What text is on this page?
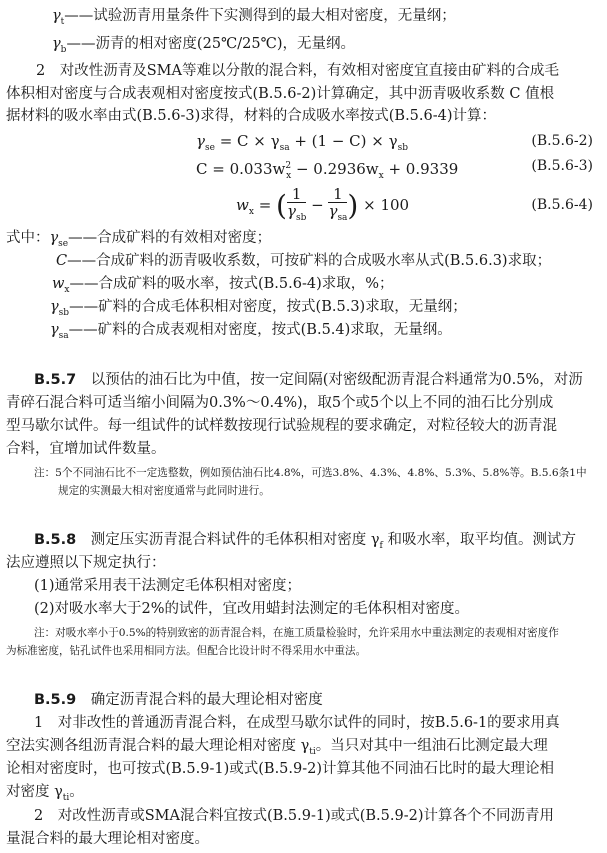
$\gamma_t——$试验沥青用量条件下实测得到的最大相对密度，无量纲；
$\gamma_b——$沥青的相对密度(25℃/25℃)，无量纲。
2　对改性沥青及SMA等难以分散的混合料，有效相对密度宜直接由矿料的合成毛
体积相对密度与合成表观相对密度按式(B.5.6-2)计算确定，其中沥青吸收系数 C 值根
据材料的吸水率由式(B.5.6-3)求得，材料的合成吸水率按式(B.5.6-4)计算：
$\gamma_{se} = C \times \gamma_{sa} + (1 - C) \times \gamma_{sb}$	(B.5.6-2)
$C = 0.033w^2_x - 0.2936w_x + 0.9339$	(B.5.6-3)
$w_x$ = ( $\frac{1}{\gamma_{sb}} - \frac{1}{\gamma_{sa}}$ ) × 100	(B.5.6-4)
式中：$\gamma_{se}——$合成矿料的有效相对密度；
C——合成矿料的沥青吸收系数，可按矿料的合成吸水率从式(B.5.6.3)求取；
$w_x——$合成矿料的吸水率，按式(B.5.6-4)求取，%；
$\gamma_{sb}——$矿料的合成毛体积相对密度，按式(B.5.3)求取，无量纲；
$\gamma_{sa}——$矿料的合成表观相对密度，按式(B.5.4)求取，无量纲。
B.5.7　 以预估的油石比为中值，按一定间隔(对密级配沥青混合料通常为0.5%，对沥
青碎石混合料可适当缩小间隔为0.3%～0.4%)，取5个或5个以上不同的油石比分别成
型马歇尔试件。每一组试件的试样数按现行试验规程的要求确定，对粒径较大的沥青混
合料，宜增加试件数量。
注：5个不同油石比不一定选整数，例如预估油石比4.8%，可选3.8%、4.3%、4.8%、5.3%、5.8%等。B.5.6条1中
规定的实测最大相对密度通常与此同时进行。
B.5.8　 测定压实沥青混合料试件的毛体积相对密度 $\gamma_f$ 和吸水率，取平均值。测试方
法应遵照以下规定执行：
(1)通常采用表干法测定毛体积相对密度；
(2)对吸水率大于2%的试件，宜改用蜡封法测定的毛体积相对密度。
注：对吸水率小于0.5%的特别致密的沥青混合料，在施工质量检验时，允许采用水中重法测定的表观相对密度作
为标准密度，钻孔试件也采用相同方法。但配合比设计时不得采用水中重法。
B.5.9　 确定沥青混合料的最大理论相对密度
1　对非改性的普通沥青混合料，在成型马歇尔试件的同时，按B.5.6-1的要求用真
空法实测各组沥青混合料的最大理论相对密度 $\gamma_{ti}$。当只对其中一组油石比测定最大理
论相对密度时，也可按式(B.5.9-1)或式(B.5.9-2)计算其他不同油石比时的最大理论相
对密度 $\gamma_{ti}$。
2　对改性沥青或SMA混合料宜按式(B.5.9-1)或式(B.5.9-2)计算各个不同沥青用
量混合料的最大理论相对密度。
